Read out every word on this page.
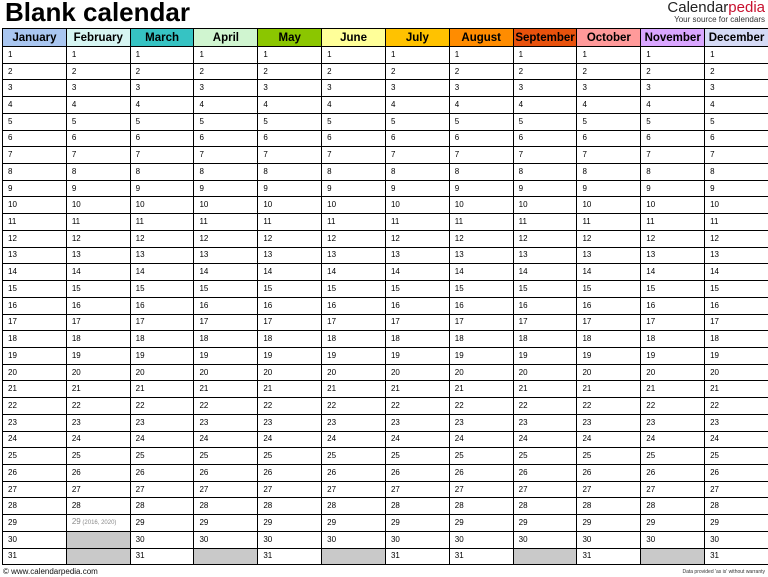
Blank calendar	Calendarpedia
Your source for calendars
January	February	March	April	May	June	July	August	September	October	November	December
1	1	1	1	1	1	1	1	1	1	1	1
2	2	2	2	2	2	2	2	2	2	2	2
3	3	3	3	3	3	3	3	3	3	3	3
4	4	4	4	4	4	4	4	4	4	4	4
5	5	5	5	5	5	5	5	5	5	5	5
6	6	6	6	6	6	6	6	6	6	6	6
7	7	7	7	7	7	7	7	7	7	7	7
8	8	8	8	8	8	8	8	8	8	8	8
9	9	9	9	9	9	9	9	9	9	9	9
10	10	10	10	10	10	10	10	10	10	10	10
11	11	11	11	11	11	11	11	11	11	11	11
12	12	12	12	12	12	12	12	12	12	12	12
13	13	13	13	13	13	13	13	13	13	13	13
14	14	14	14	14	14	14	14	14	14	14	14
15	15	15	15	15	15	15	15	15	15	15	15
16	16	16	16	16	16	16	16	16	16	16	16
17	17	17	17	17	17	17	17	17	17	17	17
18	18	18	18	18	18	18	18	18	18	18	18
19	19	19	19	19	19	19	19	19	19	19	19
20	20	20	20	20	20	20	20	20	20	20	20
21	21	21	21	21	21	21	21	21	21	21	21
22	22	22	22	22	22	22	22	22	22	22	22
23	23	23	23	23	23	23	23	23	23	23	23
24	24	24	24	24	24	24	24	24	24	24	24
25	25	25	25	25	25	25	25	25	25	25	25
26	26	26	26	26	26	26	26	26	26	26	26
27	27	27	27	27	27	27	27	27	27	27	27
28	28	28	28	28	28	28	28	28	28	28	28
29	29 (2016, 2020)	29	29	29	29	29	29	29	29	29	29
30		30	30	30	30	30	30	30	30	30	30
31		31		31		31	31		31		31
© www.calendarpedia.com	Data provided 'as is' without warranty
